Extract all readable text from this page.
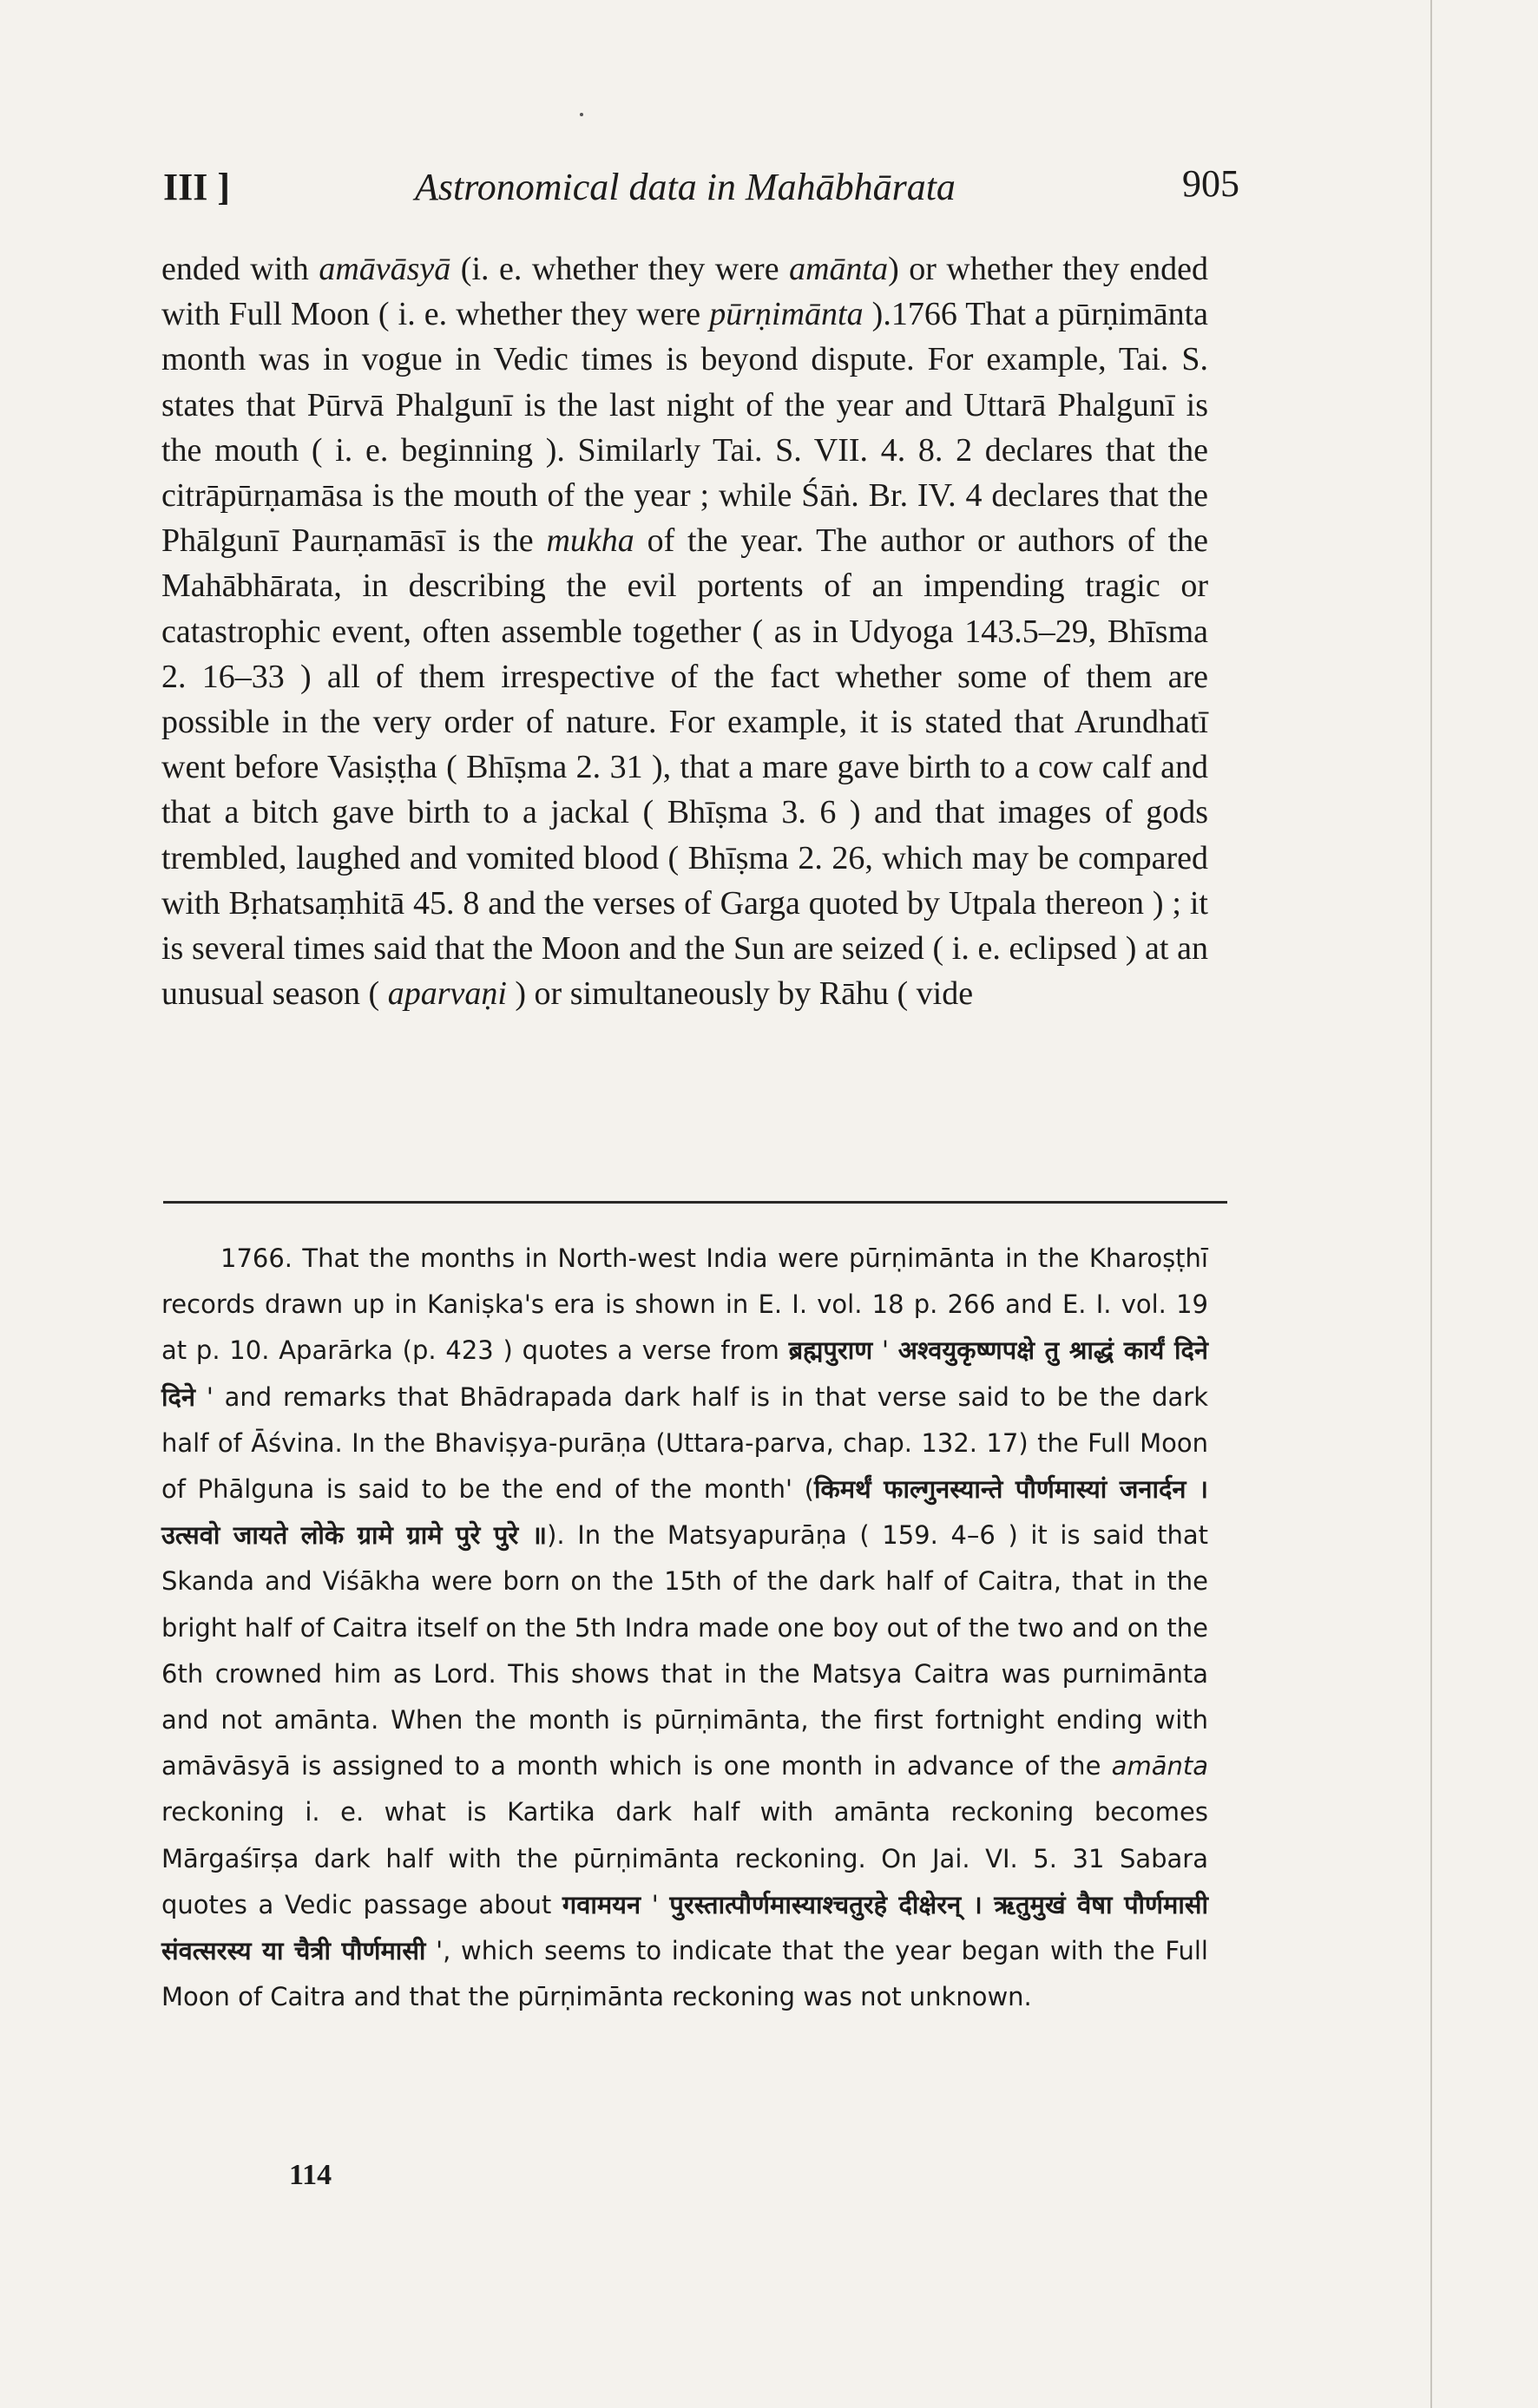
III ]	Astronomical data in Mahābhārata	905

ended with amāvāsyā (i. e. whether they were amānta) or whether they ended with Full Moon ( i. e. whether they were pūrṇimānta ).1766 That a pūrṇimānta month was in vogue in Vedic times is beyond dispute. For example, Tai. S. states that Pūrvā Phalgunī is the last night of the year and Uttarā Phalgunī is the mouth ( i. e. beginning ). Similarly Tai. S. VII. 4. 8. 2 declares that the citrāpūrṇamāsa is the mouth of the year ; while Śāṅ. Br. IV. 4 declares that the Phālgunī Paurṇamāsī is the mukha of the year. The author or authors of the Mahābhārata, in describing the evil portents of an impending tragic or catastrophic event, often assemble together ( as in Udyoga 143.5–29, Bhīsma 2. 16–33 ) all of them irrespective of the fact whether some of them are possible in the very order of nature. For example, it is stated that Arundhatī went before Vasiṣṭha ( Bhīṣma 2. 31 ), that a mare gave birth to a cow calf and that a bitch gave birth to a jackal ( Bhīṣma 3. 6 ) and that images of gods trembled, laughed and vomited blood ( Bhīṣma 2. 26, which may be compared with Bṛhatsaṃhitā 45. 8 and the verses of Garga quoted by Utpala thereon ) ; it is several times said that the Moon and the Sun are seized ( i. e. eclipsed ) at an unusual season ( aparvaṇi ) or simultaneously by Rāhu ( vide

1766. That the months in North-west India were pūrṇimānta in the Kharoṣṭhī records drawn up in Kaniṣka's era is shown in E. I. vol. 18 p. 266 and E. I. vol. 19 at p. 10. Aparārka (p. 423 ) quotes a verse from ब्रह्मपुराण ' अश्वयुकृष्णपक्षे तु श्राद्धं कार्यं दिने दिने ' and remarks that Bhādrapada dark half is in that verse said to be the dark half of Āśvina. In the Bhaviṣya-purāṇa (Uttara-parva, chap. 132. 17) the Full Moon of Phālguna is said to be the end of the month' (किमर्थं फाल्गुनस्यान्ते पौर्णमास्यां जनार्दन । उत्सवो जायते लोके ग्रामे ग्रामे पुरे पुरे ॥). In the Matsyapurāṇa ( 159. 4–6 ) it is said that Skanda and Viśākha were born on the 15th of the dark half of Caitra, that in the bright half of Caitra itself on the 5th Indra made one boy out of the two and on the 6th crowned him as Lord. This shows that in the Matsya Caitra was purnimānta and not amānta. When the month is pūrṇimānta, the first fortnight ending with amāvāsyā is assigned to a month which is one month in advance of the amānta reckoning i. e. what is Kartika dark half with amānta reckoning becomes Mārgaśīrṣa dark half with the pūrṇimānta reckoning. On Jai. VI. 5. 31 Sabara quotes a Vedic passage about गवामयन ' पुरस्तात्पौर्णमास्याश्चतुरहे दीक्षेरन् । ऋतुमुखं वैषा पौर्णमासी संवत्सरस्य या चैत्री पौर्णमासी ', which seems to indicate that the year began with the Full Moon of Caitra and that the pūrṇimānta reckoning was not unknown.

114
